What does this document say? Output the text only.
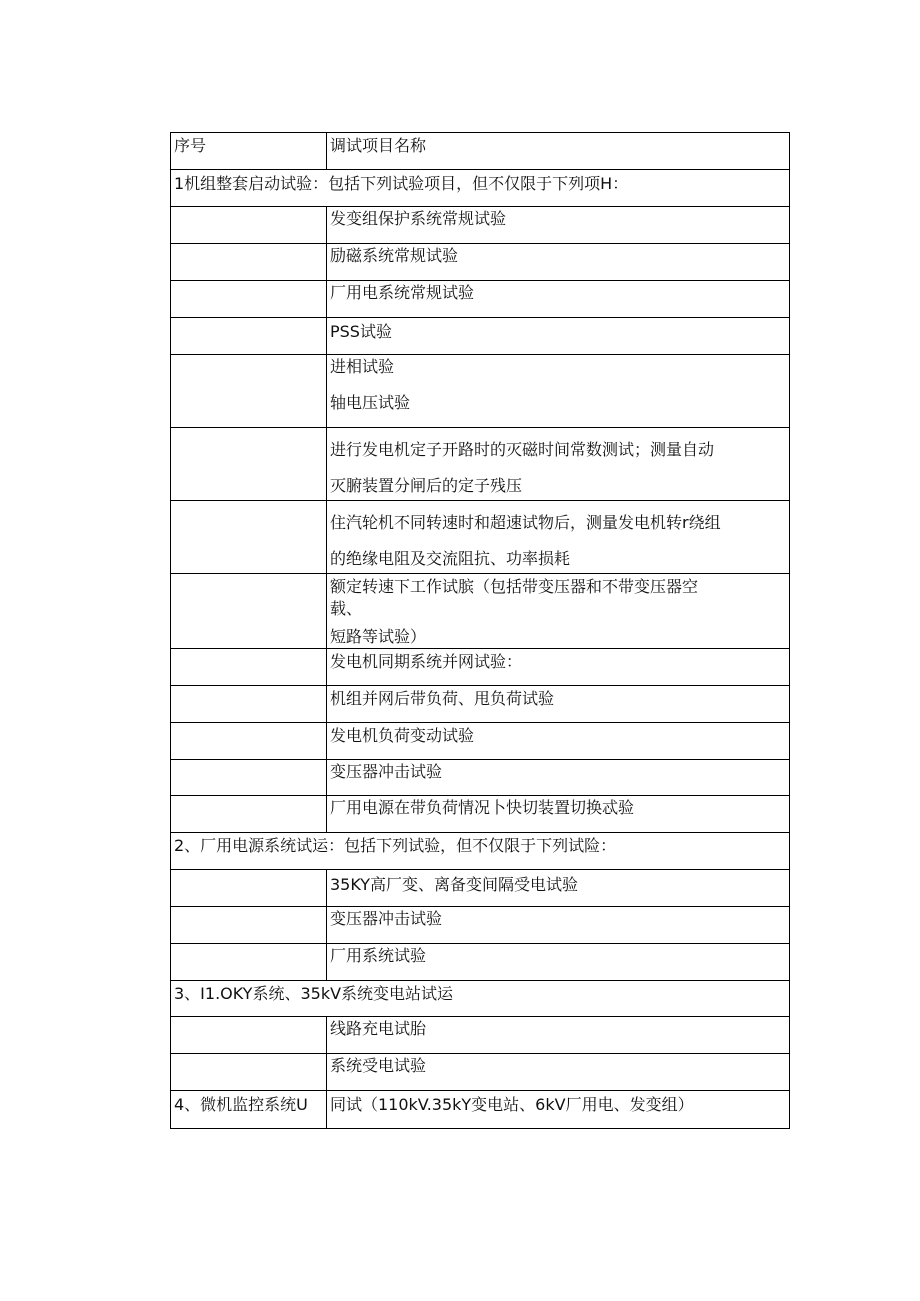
序号	调试项目名称
1机组整套启动试验：包括下列试验项目，但不仅限于下列项H：	
	发变组保护系统常规试验
	励磁系统常规试验
	厂用电系统常规试验
	PSS试验

	进相试验
轴电压试验

	进行发电机定子开路时的灭磁时间常数测试；测量自动
灭腑装置分闸后的定子残压

	住汽轮机不同转速时和超速试物后，测量发电机转r绕组
的绝缘电阻及交流阻抗、功率损耗

	额定转速下工作试膑（包括带变压器和不带变压器空
载、
短路等试验）

	发电机同期系统并网试验：
	机组并网后带负荷、甩负荷试验
	发电机负荷变动试验
	变压器冲击试验
	厂用电源在带负荷情况卜快切装置切换忒验
2、厂用电源系统试运：包括下列试验，但不仅限于下列试险：	
	35KY高厂变、离备变间隔受电试验
	变压器冲击试验
	厂用系统试验
3、I1.OKY系统、35kV系统变电站试运	
	线路充电试胎
	系统受电试验
4、微机监控系统U	同试（110kV.35kY变电站、6kV厂用电、发变组）
